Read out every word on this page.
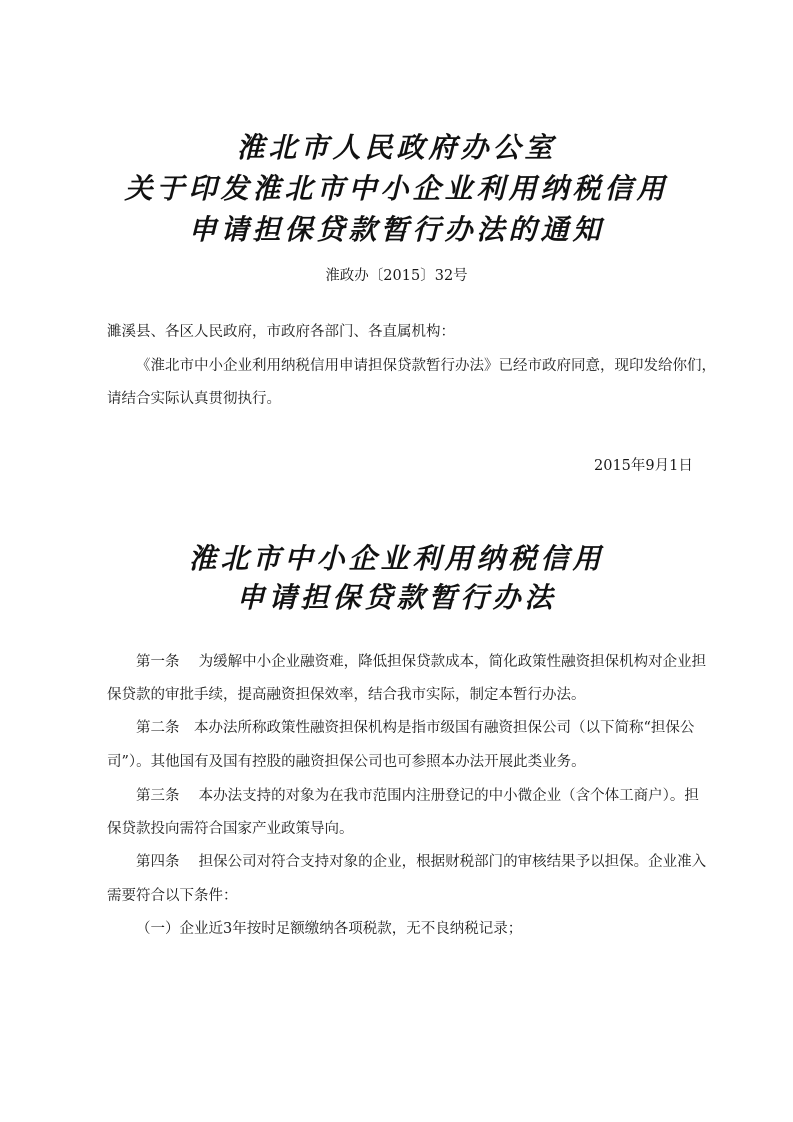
淮北市人民政府办公室
关于印发淮北市中小企业利用纳税信用
申请担保贷款暂行办法的通知
淮政办〔2015〕32号
濉溪县、各区人民政府，市政府各部门、各直属机构：
《淮北市中小企业利用纳税信用申请担保贷款暂行办法》已经市政府同意，现印发给你们，
请结合实际认真贯彻执行。
2015年9月1日
淮北市中小企业利用纳税信用
申请担保贷款暂行办法
第一条　 为缓解中小企业融资难，降低担保贷款成本，简化政策性融资担保机构对企业担
保贷款的审批手续，提高融资担保效率，结合我市实际，制定本暂行办法。
第二条　本办法所称政策性融资担保机构是指市级国有融资担保公司（以下简称“担保公
司”）。其他国有及国有控股的融资担保公司也可参照本办法开展此类业务。
第三条　 本办法支持的对象为在我市范围内注册登记的中小微企业（含个体工商户）。担
保贷款投向需符合国家产业政策导向。
第四条　 担保公司对符合支持对象的企业，根据财税部门的审核结果予以担保。企业准入
需要符合以下条件：
（一）企业近3年按时足额缴纳各项税款，无不良纳税记录；
